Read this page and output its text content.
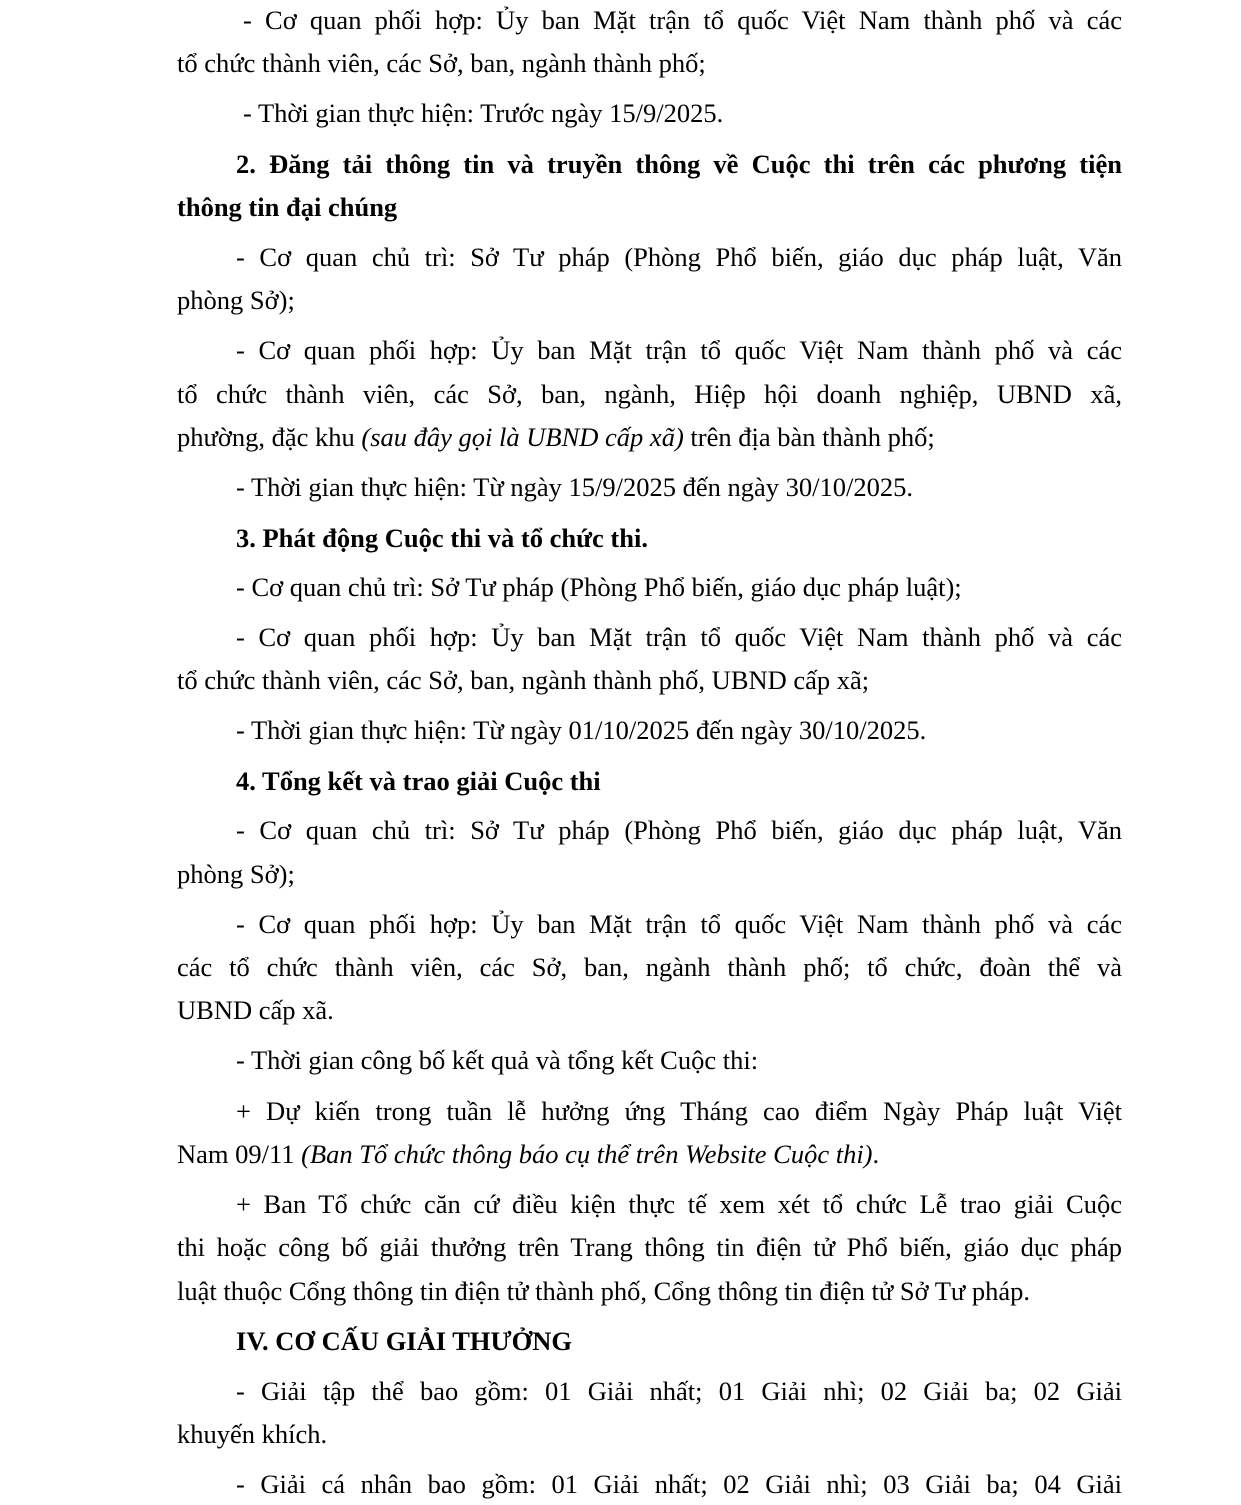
- Cơ quan phối hợp: Ủy ban Mặt trận tổ quốc Việt Nam thành phố và các
tổ chức thành viên, các Sở, ban, ngành thành phố;
- Thời gian thực hiện: Trước ngày 15/9/2025.
2. Đăng tải thông tin và truyền thông về Cuộc thi trên các phương tiện
thông tin đại chúng
- Cơ quan chủ trì: Sở Tư pháp (Phòng Phổ biến, giáo dục pháp luật, Văn
phòng Sở);
- Cơ quan phối hợp: Ủy ban Mặt trận tổ quốc Việt Nam thành phố và các
tổ chức thành viên, các Sở, ban, ngành, Hiệp hội doanh nghiệp, UBND xã,
phường, đặc khu (sau đây gọi là UBND cấp xã) trên địa bàn thành phố;
- Thời gian thực hiện: Từ ngày 15/9/2025 đến ngày 30/10/2025.
3. Phát động Cuộc thi và tổ chức thi.
- Cơ quan chủ trì: Sở Tư pháp (Phòng Phổ biến, giáo dục pháp luật);
- Cơ quan phối hợp: Ủy ban Mặt trận tổ quốc Việt Nam thành phố và các
tổ chức thành viên, các Sở, ban, ngành thành phố, UBND cấp xã;
- Thời gian thực hiện: Từ ngày 01/10/2025 đến ngày 30/10/2025.
4. Tổng kết và trao giải Cuộc thi
- Cơ quan chủ trì: Sở Tư pháp (Phòng Phổ biến, giáo dục pháp luật, Văn
phòng Sở);
- Cơ quan phối hợp: Ủy ban Mặt trận tổ quốc Việt Nam thành phố và các
các tổ chức thành viên, các Sở, ban, ngành thành phố; tổ chức, đoàn thể và
UBND cấp xã.
- Thời gian công bố kết quả và tổng kết Cuộc thi:
+ Dự kiến trong tuần lễ hưởng ứng Tháng cao điểm Ngày Pháp luật Việt
Nam 09/11 (Ban Tổ chức thông báo cụ thể trên Website Cuộc thi).
+ Ban Tổ chức căn cứ điều kiện thực tế xem xét tổ chức Lễ trao giải Cuộc
thi hoặc công bố giải thưởng trên Trang thông tin điện tử Phổ biến, giáo dục pháp
luật thuộc Cổng thông tin điện tử thành phố, Cổng thông tin điện tử Sở Tư pháp.
IV. CƠ CẤU GIẢI THƯỞNG
- Giải tập thể bao gồm: 01 Giải nhất; 01 Giải nhì; 02 Giải ba; 02 Giải
khuyến khích.
- Giải cá nhân bao gồm: 01 Giải nhất; 02 Giải nhì; 03 Giải ba; 04 Giải
